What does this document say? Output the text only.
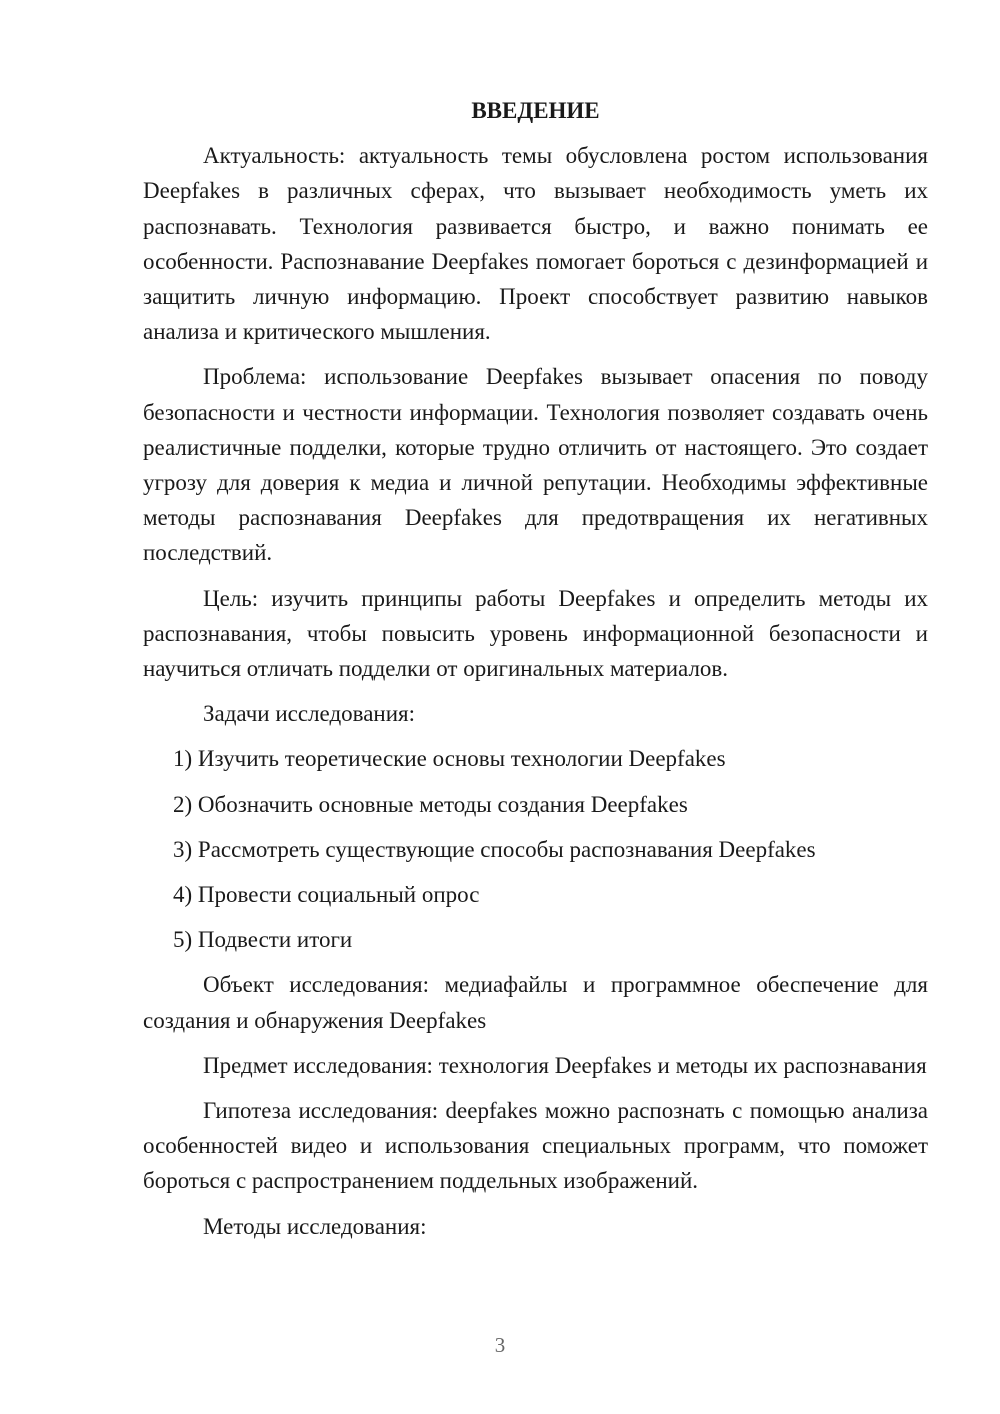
ВВЕДЕНИЕ

Актуальность: актуальность темы обусловлена ростом использования Deepfakes в различных сферах, что вызывает необходимость уметь их распознавать. Технология развивается быстро, и важно понимать ее особенности. Распознавание Deepfakes помогает бороться с дезинформацией и защитить личную информацию. Проект способствует развитию навыков анализа и критического мышления.

Проблема: использование Deepfakes вызывает опасения по поводу безопасности и честности информации. Технология позволяет создавать очень реалистичные подделки, которые трудно отличить от настоящего. Это создает угрозу для доверия к медиа и личной репутации. Необходимы эффективные методы распознавания Deepfakes для предотвращения их негативных последствий.

Цель: изучить принципы работы Deepfakes и определить методы их распознавания, чтобы повысить уровень информационной безопасности и научиться отличать подделки от оригинальных материалов.

Задачи исследования:

1) Изучить теоретические основы технологии Deepfakes
2) Обозначить основные методы создания Deepfakes
3) Рассмотреть существующие способы распознавания Deepfakes
4) Провести социальный опрос
5) Подвести итоги

Объект исследования: медиафайлы и программное обеспечение для создания и обнаружения Deepfakes

Предмет исследования: технология Deepfakes и методы их распознавания

Гипотеза исследования: deepfakes можно распознать с помощью анализа особенностей видео и использования специальных программ, что поможет бороться с распространением поддельных изображений.

Методы исследования:

3
